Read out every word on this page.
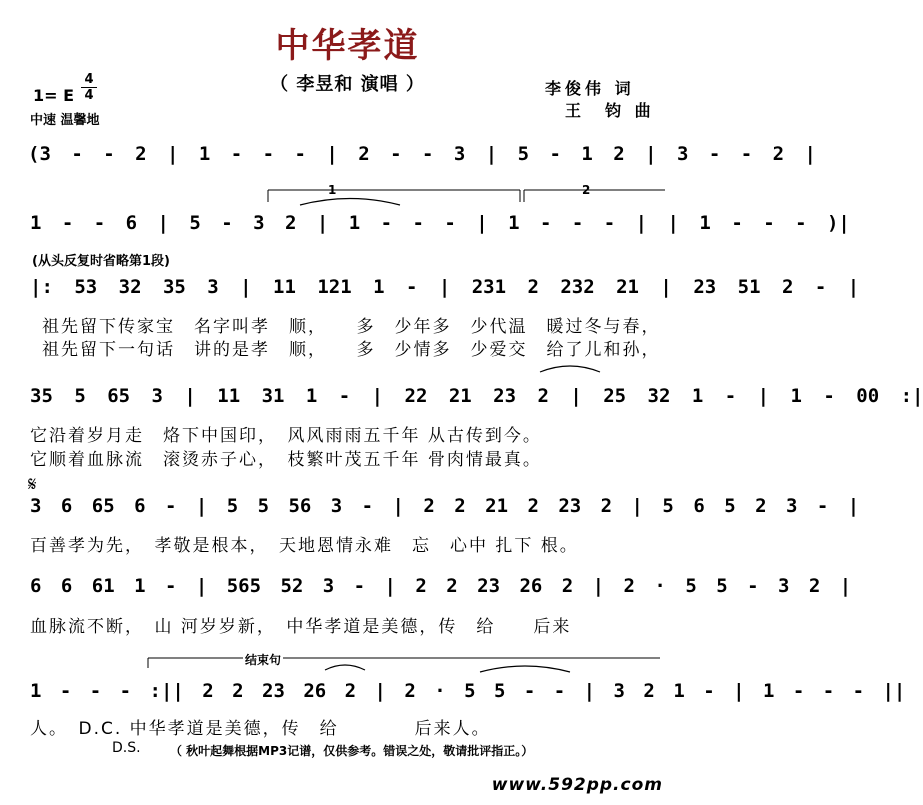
中华孝道
（ 李昱和 演唱 ）	李俊伟 词
王　钧 曲
1= E
4
4
中速 温馨地
(3 - - 2 | 1 - - - | 2 - - 3 | 5 - 1 2 | 3 - - 2 |
1	2
1 - - 6 | 5 - 3 2 | 1 - - - | 1 - - - | | 1 - - - )|
(从头反复时省略第1段)
|: 53 32 35 3 | 11 121 1 - | 231 2 232 21 | 23 51 2 - |
祖先留下传家宝　名字叫孝　顺，　　多　少年多　少代温　暖过冬与春，
祖先留下一句话　讲的是孝　顺，　　多　少情多　少爱交　给了儿和孙，
35 5 65 3 | 11 31 1 - | 22 21 23 2 | 25 32 1 - | 1 - 00 :|
它沿着岁月走　烙下中国印，　风风雨雨五千年 从古传到今。
它顺着血脉流　滚烫赤子心，　枝繁叶茂五千年 骨肉情最真。
𝄋
3 6 65 6 - | 5 5 56 3 - | 2 2 21 2 23 2 | 5 6 5 2 3 - |
百善孝为先，　孝敬是根本，　天地恩情永难　忘　心中 扎下 根。
6 6 61 1 - | 565 52 3 - | 2 2 23 26 2 | 2 · 5 5 - 3 2 |
血脉流不断，　山 河岁岁新，　中华孝道是美德，传　给　　后来
结束句
1 - - - :|| 2 2 23 26 2 | 2 · 5 5 - - | 3 2 1 - | 1 - - - ||
人。　D.C. 中华孝道是美德，传　给　　　　后来人。
D.S. （ 秋叶起舞根据MP3记谱，仅供参考。错误之处，敬请批评指正。）
www.592pp.com
